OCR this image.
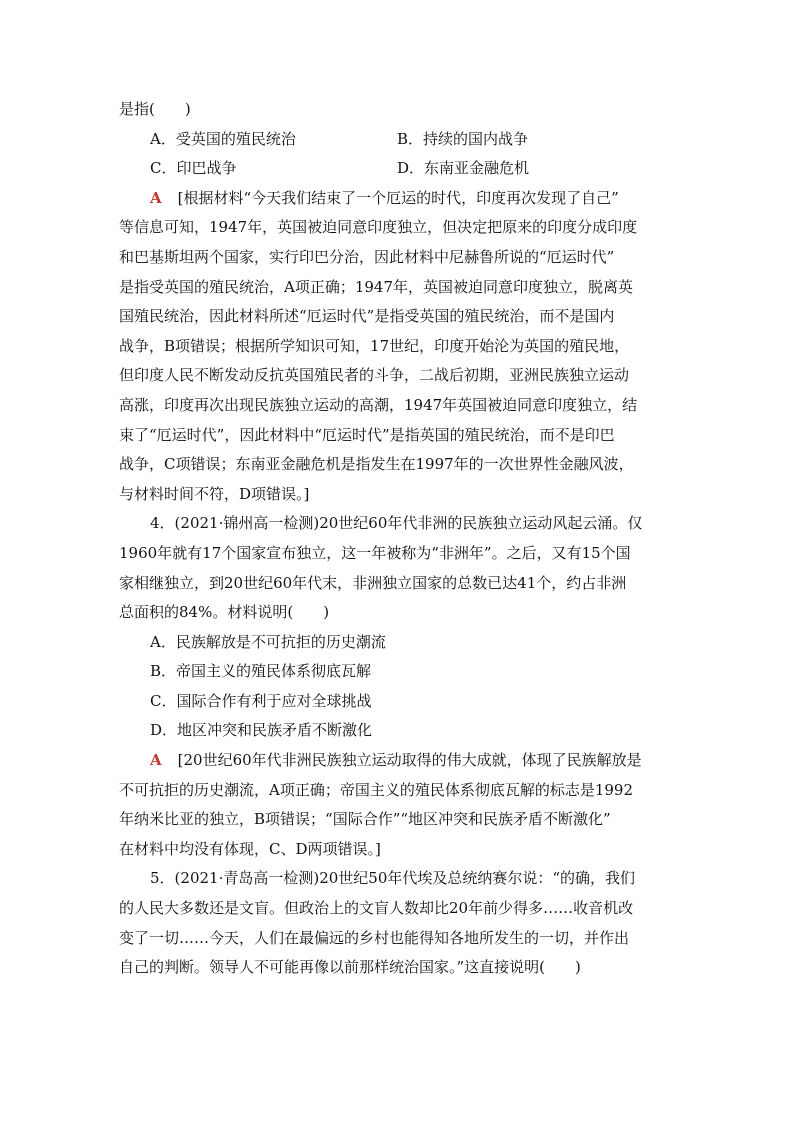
是指(　　)
A．受英国的殖民统治	B．持续的国内战争
C．印巴战争	D．东南亚金融危机
A [根据材料“今天我们结束了一个厄运的时代，印度再次发现了自己”
等信息可知，1947年，英国被迫同意印度独立，但决定把原来的印度分成印度
和巴基斯坦两个国家，实行印巴分治，因此材料中尼赫鲁所说的“厄运时代”
是指受英国的殖民统治，A项正确；1947年，英国被迫同意印度独立，脱离英
国殖民统治，因此材料所述“厄运时代”是指受英国的殖民统治，而不是国内
战争，B项错误；根据所学知识可知，17世纪，印度开始沦为英国的殖民地，
但印度人民不断发动反抗英国殖民者的斗争，二战后初期，亚洲民族独立运动
高涨，印度再次出现民族独立运动的高潮，1947年英国被迫同意印度独立，结
束了“厄运时代”，因此材料中“厄运时代”是指英国的殖民统治，而不是印巴
战争，C项错误；东南亚金融危机是指发生在1997年的一次世界性金融风波，
与材料时间不符，D项错误。]
4．(2021·锦州高一检测)20世纪60年代非洲的民族独立运动风起云涌。仅
1960年就有17个国家宣布独立，这一年被称为“非洲年”。之后，又有15个国
家相继独立，到20世纪60年代末，非洲独立国家的总数已达41个，约占非洲
总面积的84%。材料说明(　　)
A．民族解放是不可抗拒的历史潮流
B．帝国主义的殖民体系彻底瓦解
C．国际合作有利于应对全球挑战
D．地区冲突和民族矛盾不断激化
A [20世纪60年代非洲民族独立运动取得的伟大成就，体现了民族解放是
不可抗拒的历史潮流，A项正确；帝国主义的殖民体系彻底瓦解的标志是1992
年纳米比亚的独立，B项错误；“国际合作”“地区冲突和民族矛盾不断激化”
在材料中均没有体现，C、D两项错误。]
5．(2021·青岛高一检测)20世纪50年代埃及总统纳赛尔说：“的确，我们
的人民大多数还是文盲。但政治上的文盲人数却比20年前少得多……收音机改
变了一切……今天，人们在最偏远的乡村也能得知各地所发生的一切，并作出
自己的判断。领导人不可能再像以前那样统治国家。”这直接说明(　　)
